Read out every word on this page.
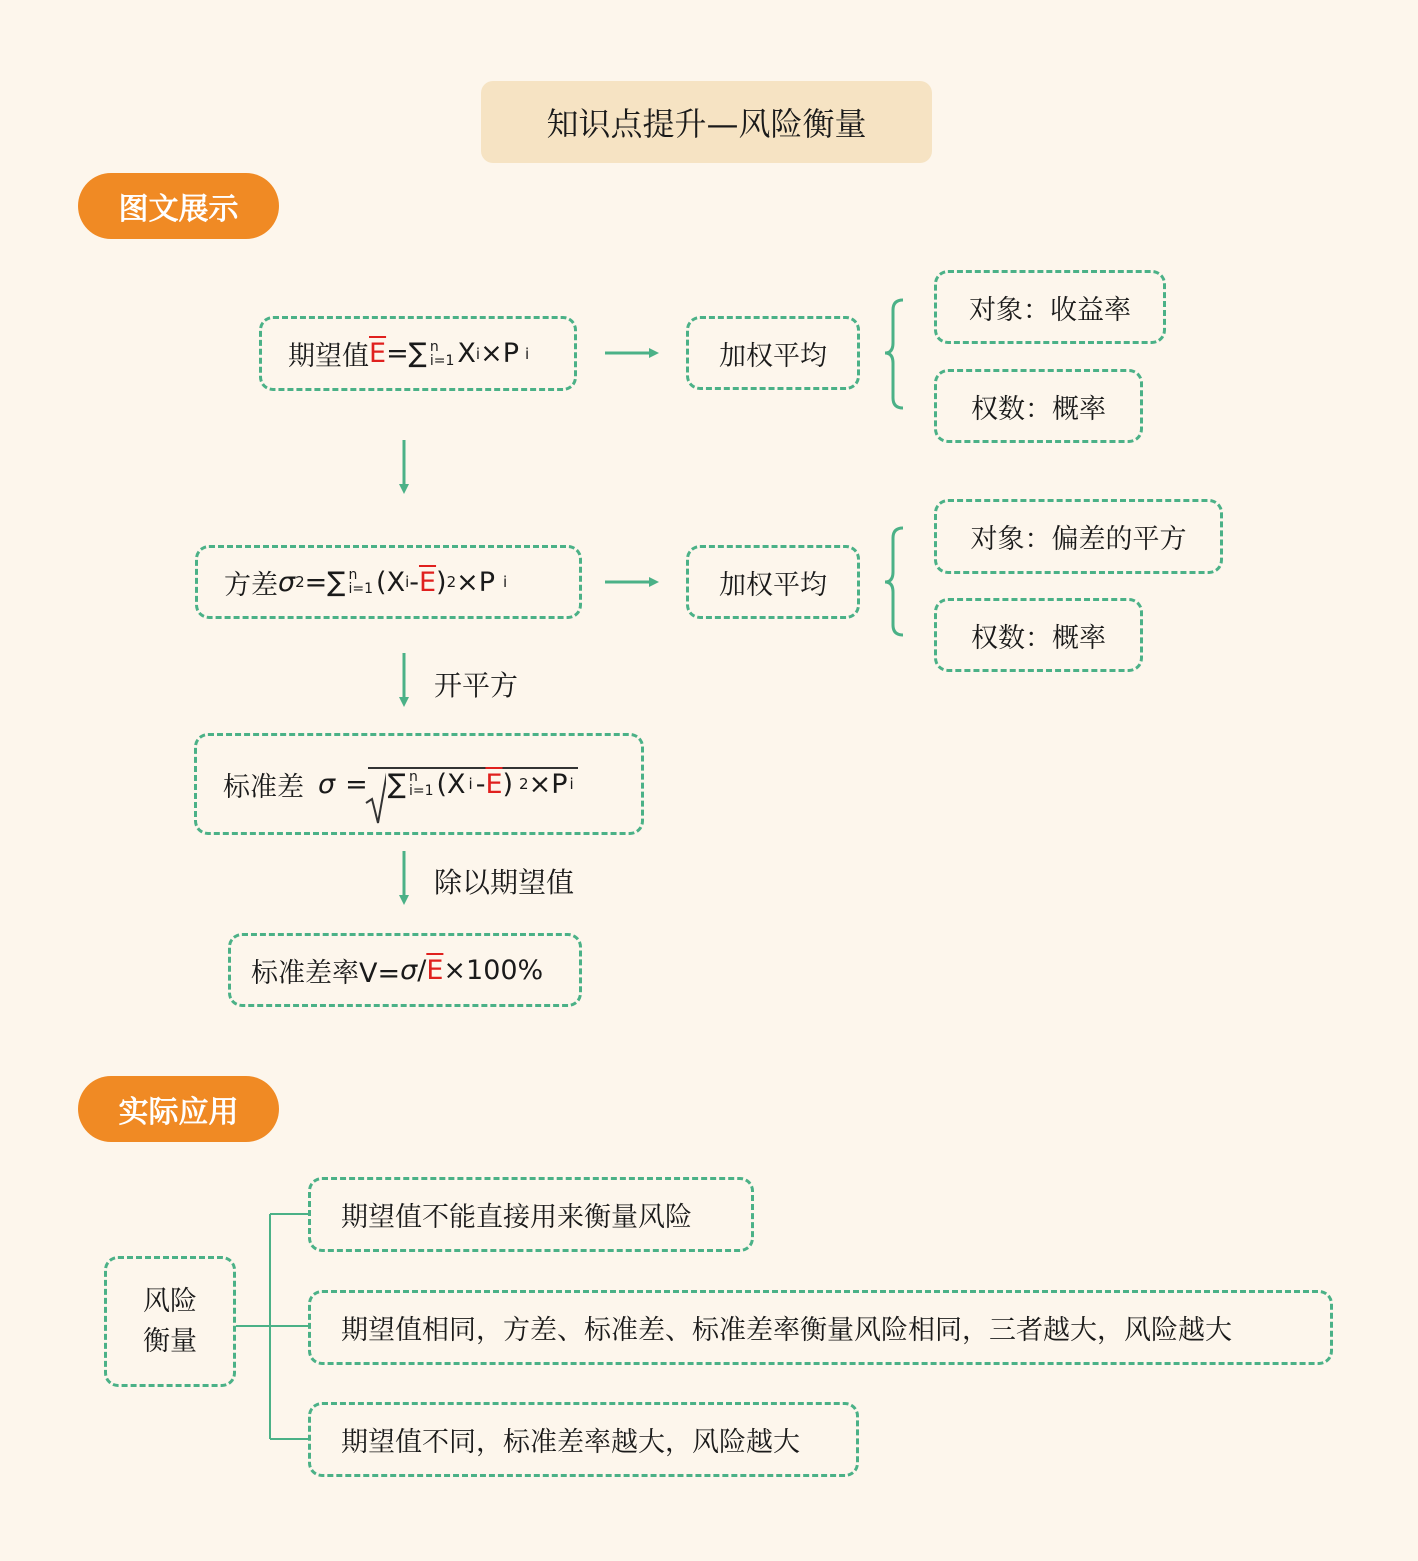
知识点提升—风险衡量
图文展示
实际应用
期望值 $\overline{E}$ =∑ n
i=1 X i ×P i	加权平均
对象：收益率
权数：概率
方差 σ 2 =∑ n
i=1 (X i - $\overline{E}$ ) 2 ×P i	加权平均
对象：偏差的平方
权数：概率
开平方
标准差 σ = ∑ n
i=1 (X i - $\overline{E}$ ) 2 ×P i
除以期望值
标准差率$V= \sigma / \overline{E} \times 100\%$
风险
衡量
期望值不能直接用来衡量风险
期望值相同，方差、标准差、标准差率衡量风险相同，三者越大，风险越大
期望值不同，标准差率越大，风险越大
